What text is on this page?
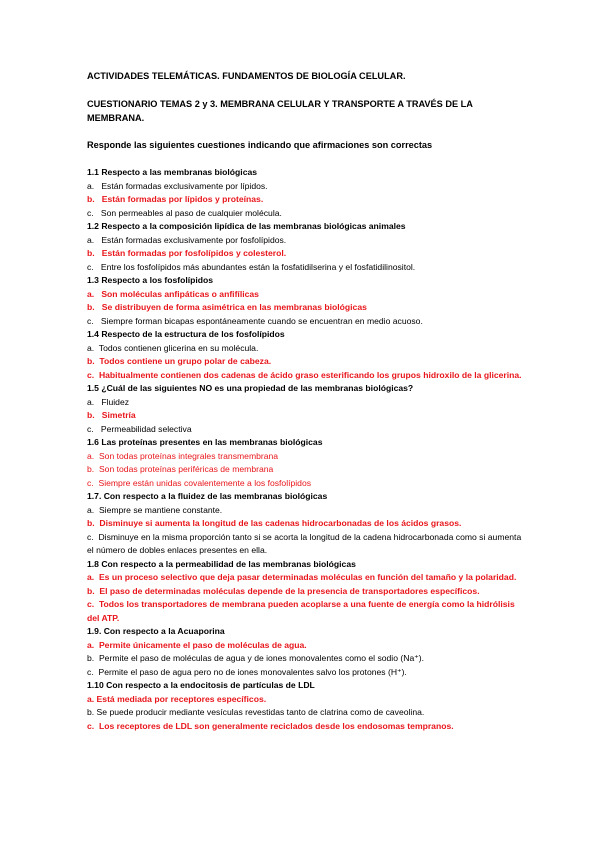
ACTIVIDADES TELEMÁTICAS. FUNDAMENTOS DE BIOLOGÍA CELULAR.
CUESTIONARIO TEMAS 2 y 3. MEMBRANA CELULAR Y TRANSPORTE A TRAVÉS DE LA MEMBRANA.
Responde las siguientes cuestiones indicando que afirmaciones son correctas
1.1 Respecto a las membranas biológicas
a.   Están formadas exclusivamente por lípidos.
b.   Están formadas por lípidos y proteínas.
c.   Son permeables al paso de cualquier molécula.
1.2 Respecto a la composición lipídica de las membranas biológicas animales
a.   Están formadas exclusivamente por fosfolípidos.
b.   Están formadas por fosfolípidos y colesterol.
c.   Entre los fosfolípidos más abundantes están la fosfatidilserina y el fosfatidilinositol.
1.3 Respecto a los fosfolípidos
a.   Son moléculas anfipáticas o anfifílicas
b.   Se distribuyen de forma asimétrica en las membranas biológicas
c.   Siempre forman bicapas espontáneamente cuando se encuentran en medio acuoso.
1.4 Respecto de la estructura de los fosfolípidos
a.  Todos contienen glicerina en su molécula.
b.  Todos contiene un grupo polar de cabeza.
c.  Habitualmente contienen dos cadenas de ácido graso esterificando los grupos hidroxilo de la glicerina.
1.5 ¿Cuál de las siguientes NO es una propiedad de las membranas biológicas?
a.   Fluidez
b.   Simetría
c.   Permeabilidad selectiva
1.6 Las proteínas presentes en las membranas biológicas
a.  Son todas proteínas integrales transmembrana
b.  Son todas proteínas periféricas de membrana
c.  Siempre están unidas covalentemente a los fosfolípidos
1.7. Con respecto a la fluidez de las membranas biológicas
a.  Siempre se mantiene constante.
b.  Disminuye si aumenta la longitud de las cadenas hidrocarbonadas de los ácidos grasos.
c.  Disminuye en la misma proporción tanto si se acorta la longitud de la cadena hidrocarbonada como si aumenta el número de dobles enlaces presentes en ella.
1.8 Con respecto a la permeabilidad de las membranas biológicas
a.  Es un proceso selectivo que deja pasar determinadas moléculas en función del tamaño y la polaridad.
b.  El paso de determinadas moléculas depende de la presencia de transportadores específicos.
c.  Todos los transportadores de membrana pueden acoplarse a una fuente de energía como la hidrólisis del ATP.
1.9. Con respecto a la Acuaporina
a.  Permite únicamente el paso de moléculas de agua.
b.  Permite el paso de moléculas de agua y de iones monovalentes como el sodio (Na⁺).
c.  Permite el paso de agua pero no de iones monovalentes salvo los protones (H⁺).
1.10 Con respecto a la endocitosis de partículas de LDL
a. Está mediada por receptores específicos.
b. Se puede producir mediante vesículas revestidas tanto de clatrina como de caveolina.
c.  Los receptores de LDL son generalmente reciclados desde los endosomas tempranos.
